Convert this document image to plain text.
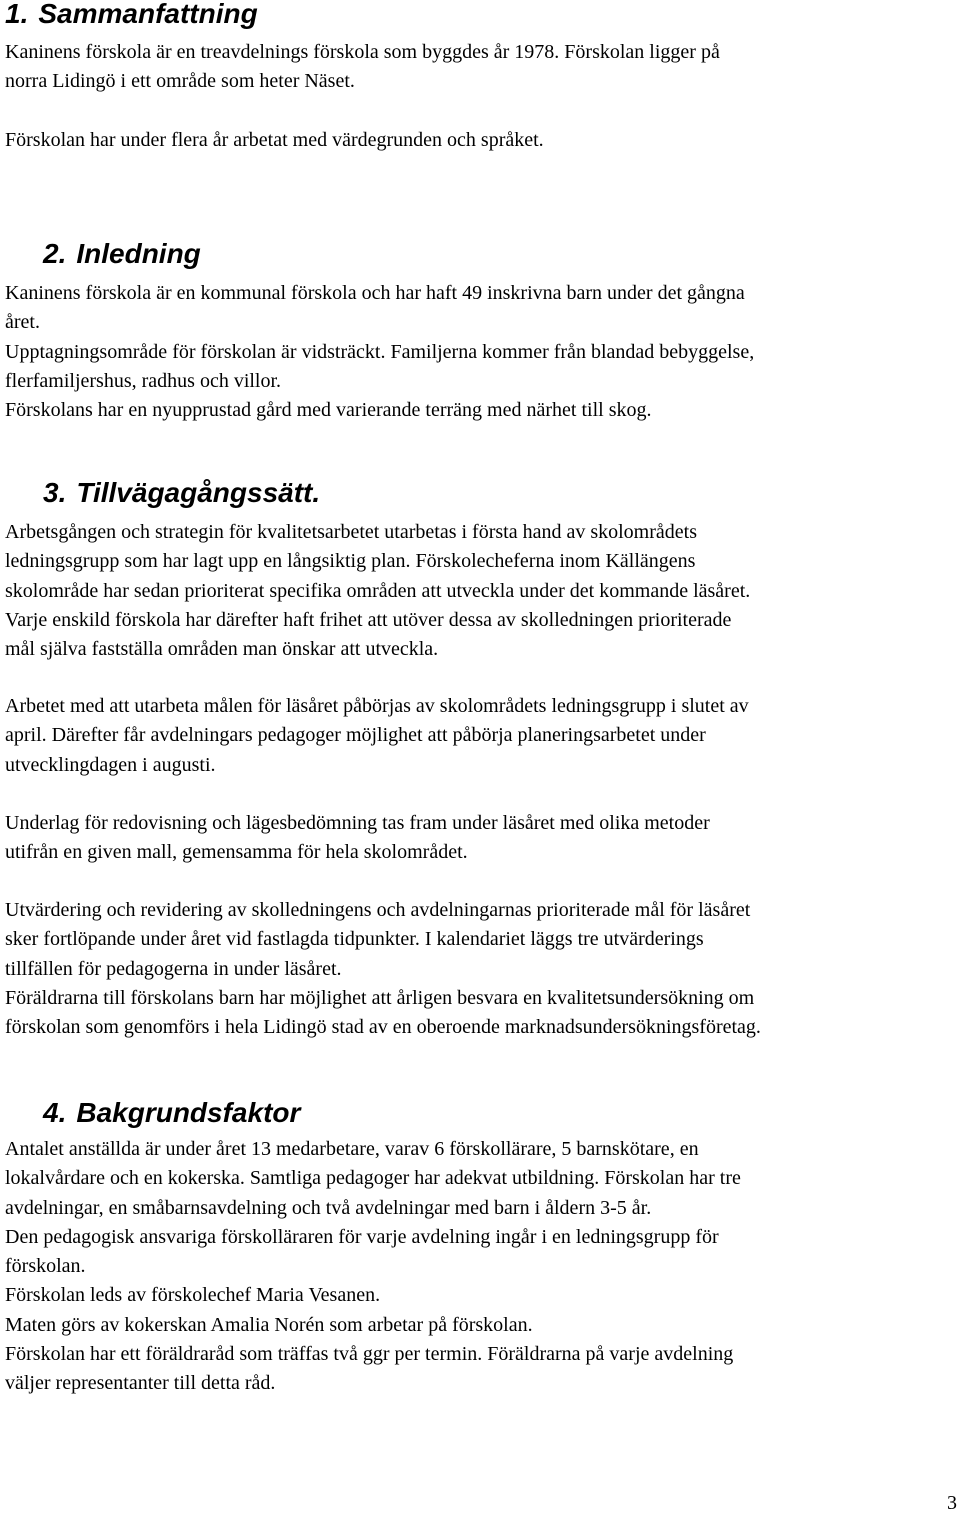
1. Sammanfattning

Kaninens förskola är en treavdelnings förskola som byggdes år 1978. Förskolan ligger på
norra Lidingö i ett område som heter Näset.

Förskolan har under flera år arbetat med värdegrunden och språket.

2. Inledning

Kaninens förskola är en kommunal förskola och har haft 49 inskrivna barn under det gångna
året.
Upptagningsområde för förskolan är vidsträckt. Familjerna kommer från blandad bebyggelse,
flerfamiljershus, radhus och villor.
Förskolans har en nyupprustad gård med varierande terräng med närhet till skog.

3. Tillvägagångssätt.

Arbetsgången och strategin för kvalitetsarbetet utarbetas i första hand av skolområdets
ledningsgrupp som har lagt upp en långsiktig plan. Förskolecheferna inom Källängens
skolområde har sedan prioriterat specifika områden att utveckla under det kommande läsåret.
Varje enskild förskola har därefter haft frihet att utöver dessa av skolledningen prioriterade
mål själva fastställa områden man önskar att utveckla.

Arbetet med att utarbeta målen för läsåret påbörjas av skolområdets ledningsgrupp i slutet av
april. Därefter får avdelningars pedagoger möjlighet att påbörja planeringsarbetet under
utvecklingdagen i augusti.

Underlag för redovisning och lägesbedömning tas fram under läsåret med olika metoder
utifrån en given mall, gemensamma för hela skolområdet.

Utvärdering och revidering av skolledningens och avdelningarnas prioriterade mål för läsåret
sker fortlöpande under året vid fastlagda tidpunkter. I kalendariet läggs tre utvärderings
tillfällen för pedagogerna in under läsåret.
Föräldrarna till förskolans barn har möjlighet att årligen besvara en kvalitetsundersökning om
förskolan som genomförs i hela Lidingö stad av en oberoende marknadsundersökningsföretag.

4. Bakgrundsfaktor

Antalet anställda är under året 13 medarbetare, varav 6 förskollärare, 5 barnskötare, en
lokalvårdare och en kokerska. Samtliga pedagoger har adekvat utbildning. Förskolan har tre
avdelningar, en småbarnsavdelning och två avdelningar med barn i åldern 3-5 år.
Den pedagogisk ansvariga förskolläraren för varje avdelning ingår i en ledningsgrupp för
förskolan.
Förskolan leds av förskolechef Maria Vesanen.
Maten görs av kokerskan Amalia Norén som arbetar på förskolan.
Förskolan har ett föräldraråd som träffas två ggr per termin. Föräldrarna på varje avdelning
väljer representanter till detta råd.

3
